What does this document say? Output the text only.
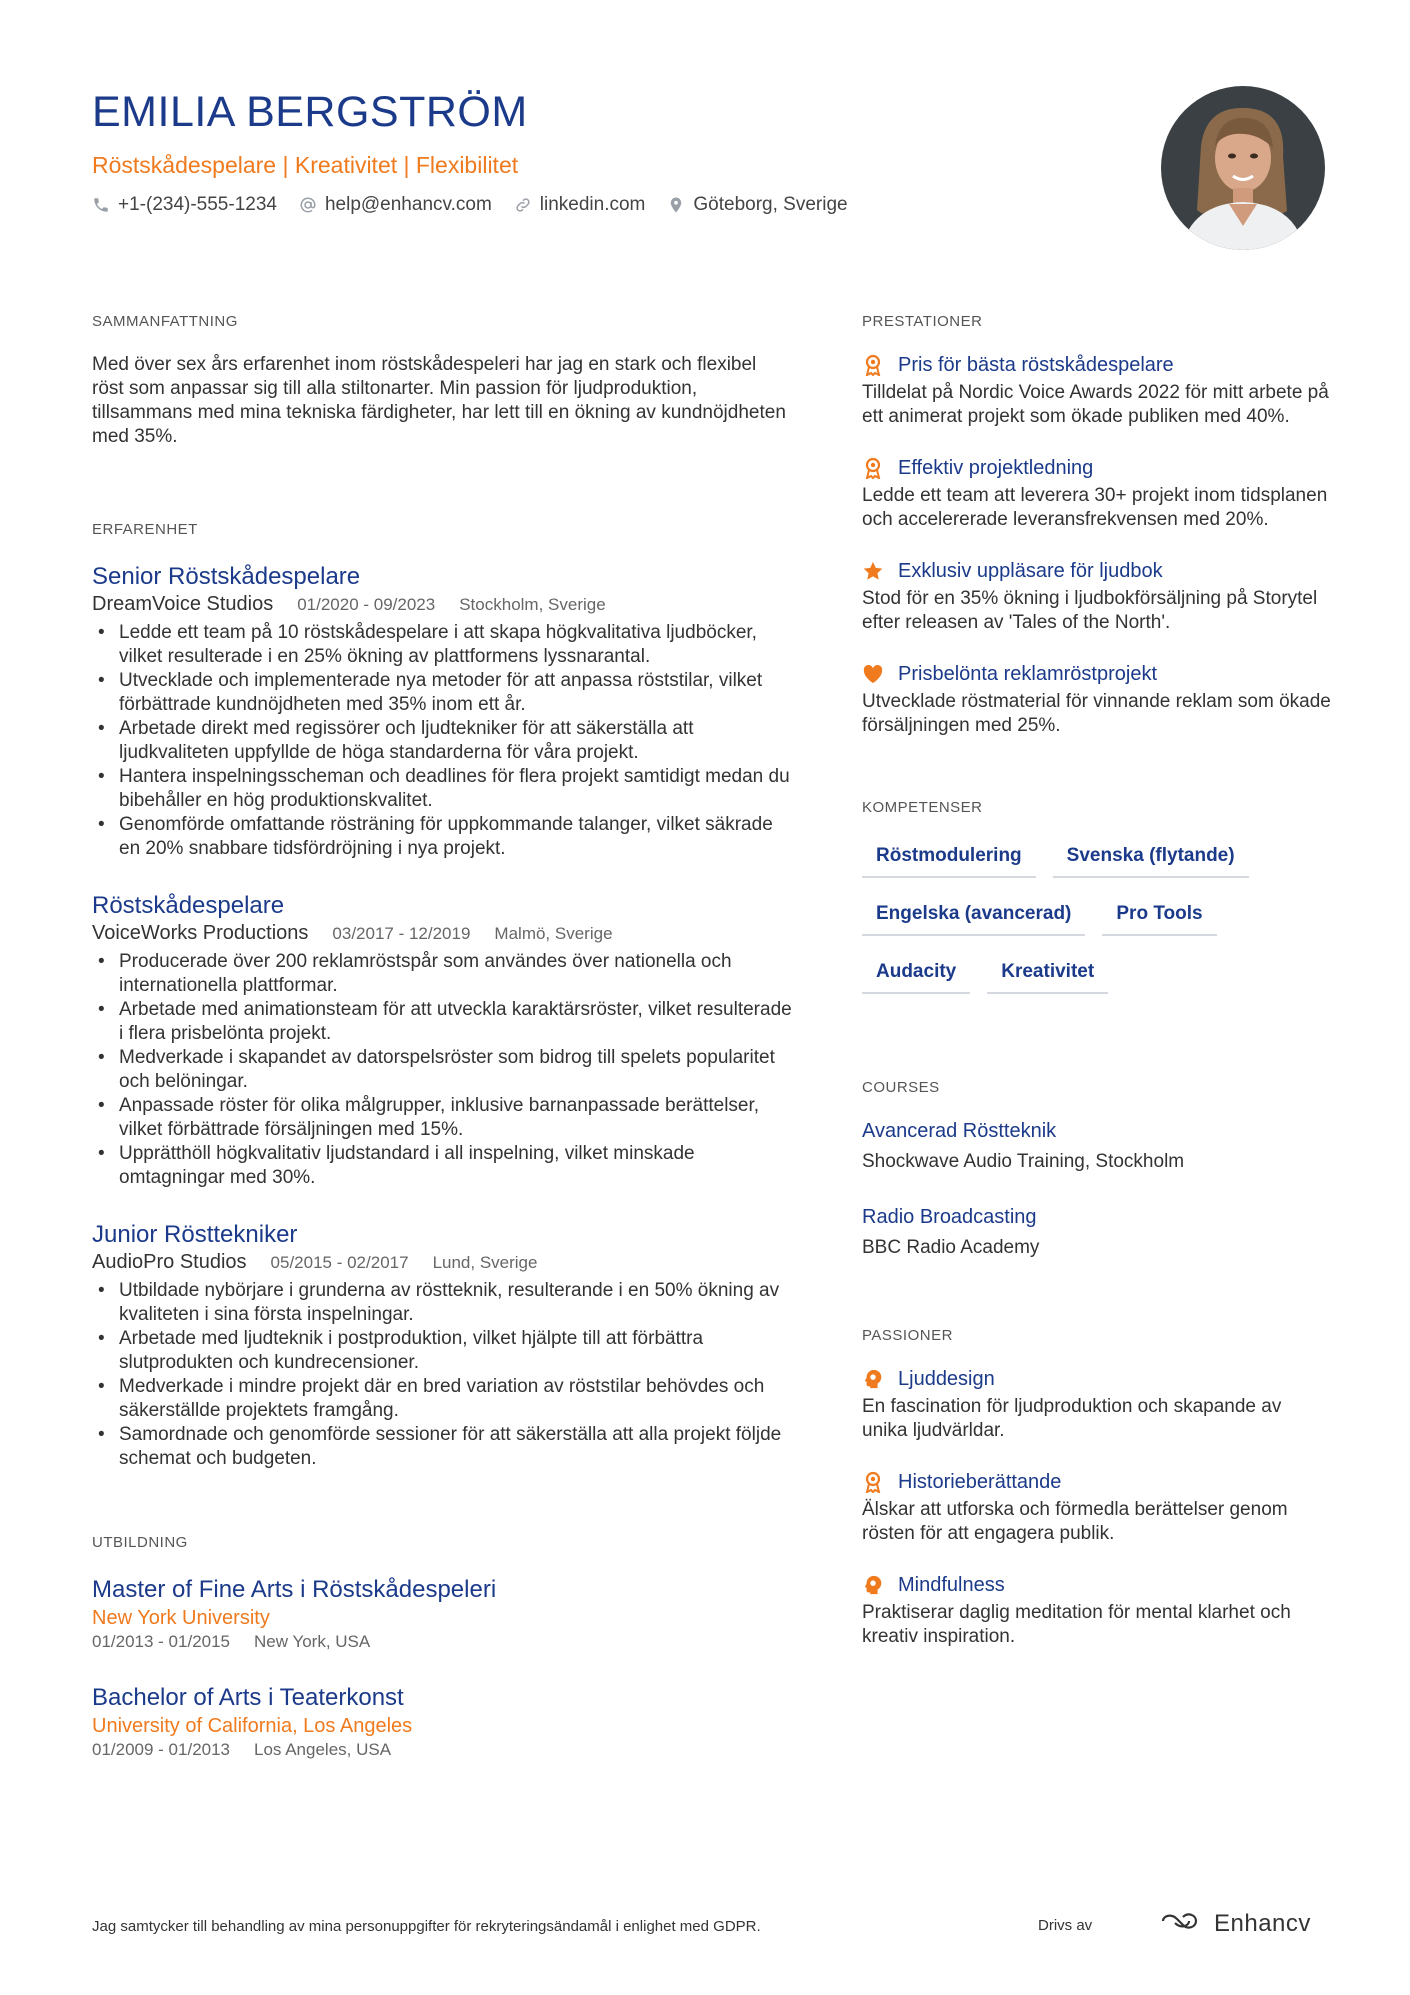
EMILIA BERGSTRÖM
Röstskådespelare | Kreativitet | Flexibilitet
+1-(234)-555-1234	help@enhancv.com	linkedin.com	Göteborg, Sverige
SAMMANFATTNING
Med över sex års erfarenhet inom röstskådespeleri har jag en stark och flexibel röst som anpassar sig till alla stiltonarter. Min passion för ljudproduktion, tillsammans med mina tekniska färdigheter, har lett till en ökning av kundnöjdheten med 35%.
ERFARENHET
Senior Röstskådespelare
DreamVoice Studios 01/2020 - 09/2023 Stockholm, Sverige
• Ledde ett team på 10 röstskådespelare i att skapa högkvalitativa ljudböcker, vilket resulterade i en 25% ökning av plattformens lyssnarantal.
• Utvecklade och implementerade nya metoder för att anpassa röststilar, vilket förbättrade kundnöjdheten med 35% inom ett år.
• Arbetade direkt med regissörer och ljudtekniker för att säkerställa att ljudkvaliteten uppfyllde de höga standarderna för våra projekt.
• Hantera inspelningsscheman och deadlines för flera projekt samtidigt medan du bibehåller en hög produktionskvalitet.
• Genomförde omfattande rösträning för uppkommande talanger, vilket säkrade en 20% snabbare tidsfördröjning i nya projekt.
Röstskådespelare
VoiceWorks Productions 03/2017 - 12/2019 Malmö, Sverige
• Producerade över 200 reklamröstspår som användes över nationella och internationella plattformar.
• Arbetade med animationsteam för att utveckla karaktärsröster, vilket resulterade i flera prisbelönta projekt.
• Medverkade i skapandet av datorspelsröster som bidrog till spelets popularitet och belöningar.
• Anpassade röster för olika målgrupper, inklusive barnanpassade berättelser, vilket förbättrade försäljningen med 15%.
• Upprätthöll högkvalitativ ljudstandard i all inspelning, vilket minskade omtagningar med 30%.
Junior Rösttekniker
AudioPro Studios 05/2015 - 02/2017 Lund, Sverige
• Utbildade nybörjare i grunderna av röstteknik, resulterande i en 50% ökning av kvaliteten i sina första inspelningar.
• Arbetade med ljudteknik i postproduktion, vilket hjälpte till att förbättra slutprodukten och kundrecensioner.
• Medverkade i mindre projekt där en bred variation av röststilar behövdes och säkerställde projektets framgång.
• Samordnade och genomförde sessioner för att säkerställa att alla projekt följde schemat och budgeten.
UTBILDNING
Master of Fine Arts i Röstskådespeleri
New York University
01/2013 - 01/2015 New York, USA
Bachelor of Arts i Teaterkonst
University of California, Los Angeles
01/2009 - 01/2013 Los Angeles, USA
PRESTATIONER
Pris för bästa röstskådespelare
Tilldelat på Nordic Voice Awards 2022 för mitt arbete på ett animerat projekt som ökade publiken med 40%.
Effektiv projektledning
Ledde ett team att leverera 30+ projekt inom tidsplanen och accelererade leveransfrekvensen med 20%.
Exklusiv uppläsare för ljudbok
Stod för en 35% ökning i ljudbokförsäljning på Storytel efter releasen av 'Tales of the North'.
Prisbelönta reklamröstprojekt
Utvecklade röstmaterial för vinnande reklam som ökade försäljningen med 25%.
KOMPETENSER
Röstmodulering	Svenska (flytande)
Engelska (avancerad)	Pro Tools
Audacity	Kreativitet
COURSES
Avancerad Röstteknik
Shockwave Audio Training, Stockholm
Radio Broadcasting
BBC Radio Academy
PASSIONER
Ljuddesign
En fascination för ljudproduktion och skapande av unika ljudvärldar.
Historieberättande
Älskar att utforska och förmedla berättelser genom rösten för att engagera publik.
Mindfulness
Praktiserar daglig meditation för mental klarhet och kreativ inspiration.
Jag samtycker till behandling av mina personuppgifter för rekryteringsändamål i enlighet med GDPR.	Drivs av	Enhancv
